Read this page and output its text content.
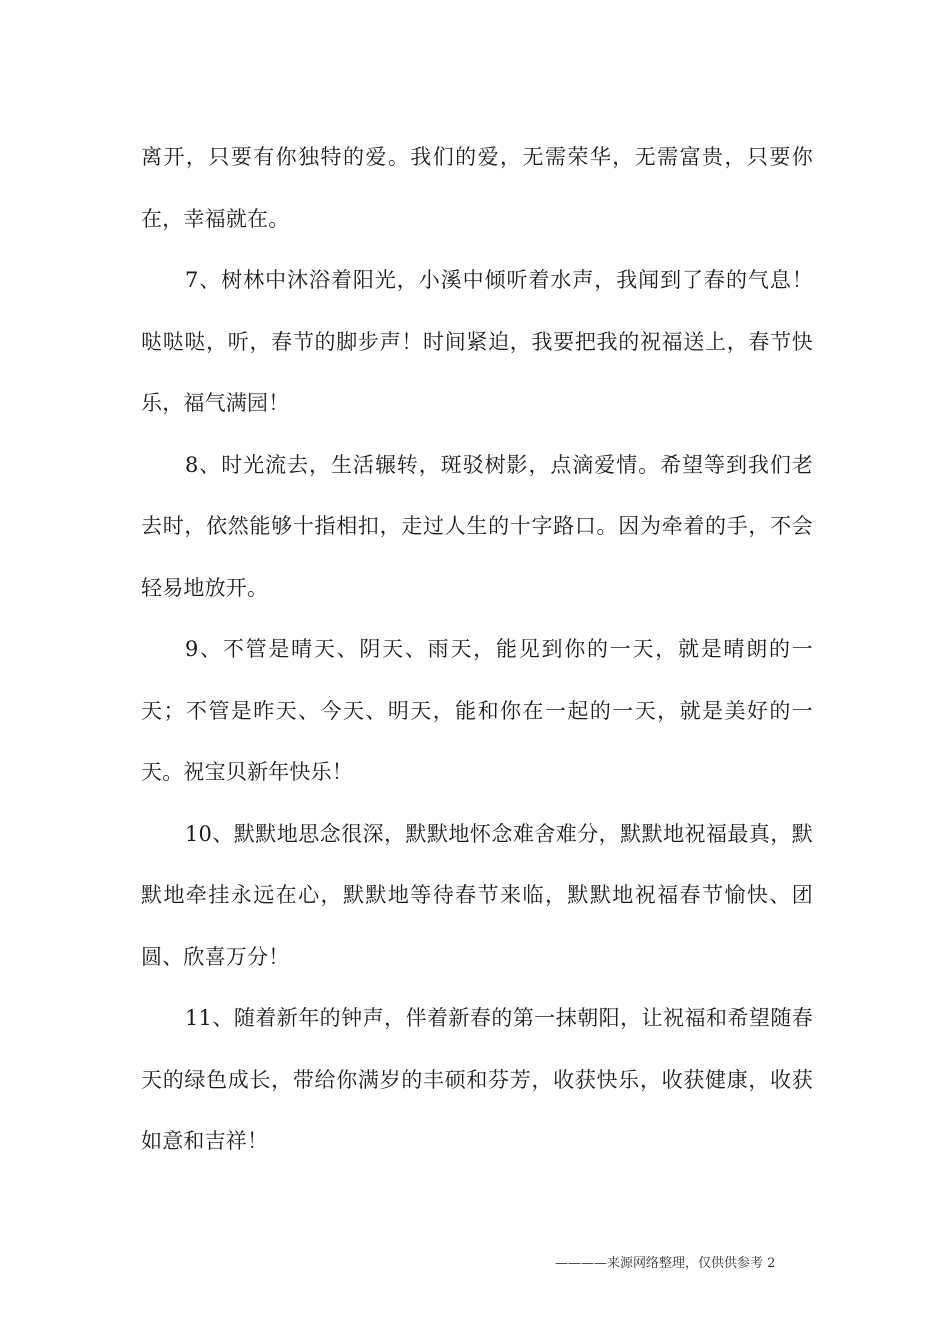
离开，只要有你独特的爱。我们的爱，无需荣华，无需富贵，只要你在，幸福就在。

7、树林中沐浴着阳光，小溪中倾听着水声，我闻到了春的气息！哒哒哒，听，春节的脚步声！时间紧迫，我要把我的祝福送上，春节快乐，福气满园！

8、时光流去，生活辗转，斑驳树影，点滴爱情。希望等到我们老去时，依然能够十指相扣，走过人生的十字路口。因为牵着的手，不会轻易地放开。

9、不管是晴天、阴天、雨天，能见到你的一天，就是晴朗的一天；不管是昨天、今天、明天，能和你在一起的一天，就是美好的一天。祝宝贝新年快乐！

10、默默地思念很深，默默地怀念难舍难分，默默地祝福最真，默默地牵挂永远在心，默默地等待春节来临，默默地祝福春节愉快、团圆、欣喜万分！

11、随着新年的钟声，伴着新春的第一抹朝阳，让祝福和希望随春天的绿色成长，带给你满岁的丰硕和芬芳，收获快乐，收获健康，收获如意和吉祥！

————来源网络整理，仅供供参考 2
